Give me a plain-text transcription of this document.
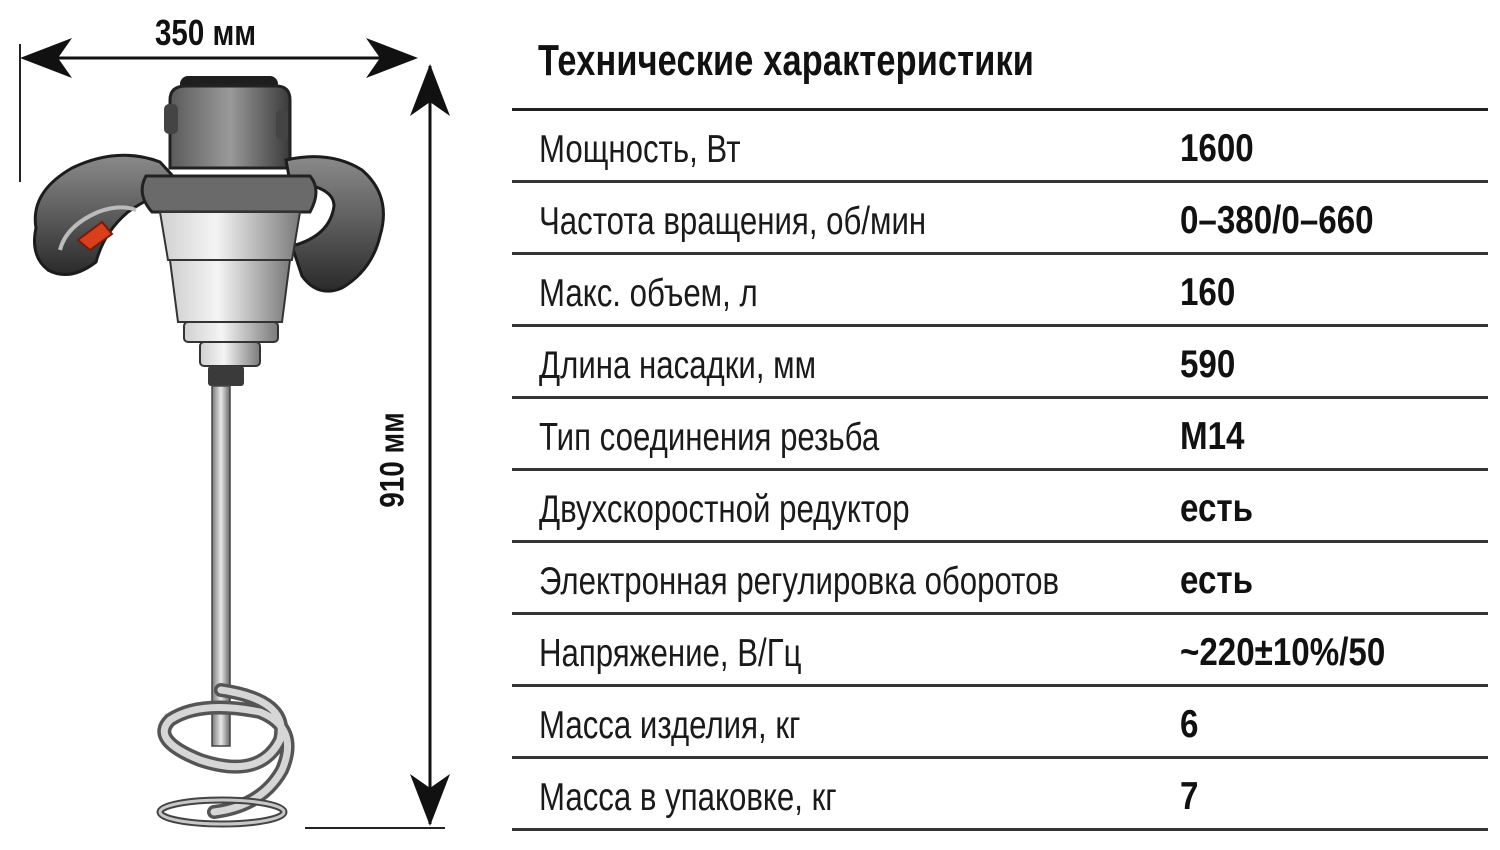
350 мм
910 мм
Технические характеристики
Мощность, Вт	1600
Частота вращения, об/мин	0–380/0–660
Макс. объем, л	160
Длина насадки, мм	590
Тип соединения резьба	М14
Двухскоростной редуктор	есть
Электронная регулировка оборотов	есть
Напряжение, В/Гц	~220±10%/50
Масса изделия, кг	6
Масса в упаковке, кг	7
